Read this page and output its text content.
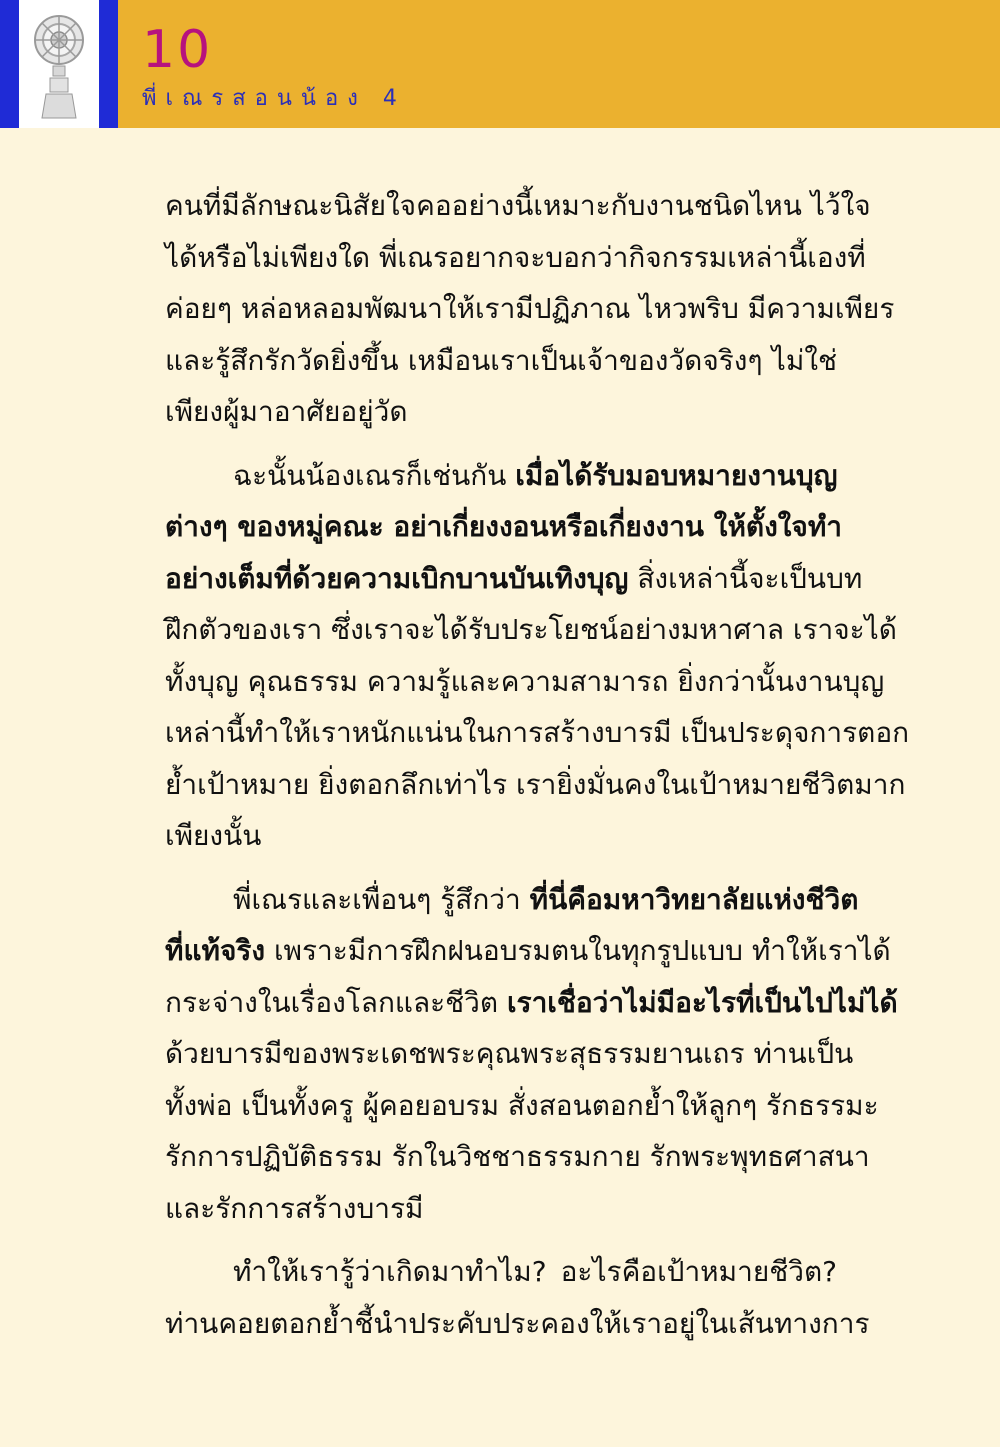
10
พี่เณรสอนน้อง 4
คนที่มีลักษณะนิสัยใจคออย่างนี้เหมาะกับงานชนิดไหน ไว้ใจ
ได้หรือไม่เพียงใด พี่เณรอยากจะบอกว่ากิจกรรมเหล่านี้เองที่
ค่อยๆ หล่อหลอมพัฒนาให้เรามีปฏิภาณ ไหวพริบ มีความเพียร
และรู้สึกรักวัดยิ่งขึ้น เหมือนเราเป็นเจ้าของวัดจริงๆ ไม่ใช่
เพียงผู้มาอาศัยอยู่วัด
ฉะนั้นน้องเณรก็เช่นกัน เมื่อได้รับมอบหมายงานบุญ
ต่างๆ ของหมู่คณะ อย่าเกี่ยงงอนหรือเกี่ยงงาน ให้ตั้งใจทำ
อย่างเต็มที่ด้วยความเบิกบานบันเทิงบุญ สิ่งเหล่านี้จะเป็นบท
ฝึกตัวของเรา ซึ่งเราจะได้รับประโยชน์อย่างมหาศาล เราจะได้
ทั้งบุญ คุณธรรม ความรู้และความสามารถ ยิ่งกว่านั้นงานบุญ
เหล่านี้ทำให้เราหนักแน่นในการสร้างบารมี เป็นประดุจการตอก
ย้ำเป้าหมาย ยิ่งตอกลึกเท่าไร เรายิ่งมั่นคงในเป้าหมายชีวิตมาก
เพียงนั้น
พี่เณรและเพื่อนๆ รู้สึกว่า ที่นี่คือมหาวิทยาลัยแห่งชีวิต
ที่แท้จริง เพราะมีการฝึกฝนอบรมตนในทุกรูปแบบ ทำให้เราได้
กระจ่างในเรื่องโลกและชีวิต เราเชื่อว่าไม่มีอะไรที่เป็นไปไม่ได้
ด้วยบารมีของพระเดชพระคุณพระสุธรรมยานเถร ท่านเป็น
ทั้งพ่อ เป็นทั้งครู ผู้คอยอบรม สั่งสอนตอกย้ำให้ลูกๆ รักธรรมะ
รักการปฏิบัติธรรม รักในวิชชาธรรมกาย รักพระพุทธศาสนา
และรักการสร้างบารมี
ทำให้เรารู้ว่าเกิดมาทำไม? อะไรคือเป้าหมายชีวิต?
ท่านคอยตอกย้ำชี้นำประคับประคองให้เราอยู่ในเส้นทางการ
